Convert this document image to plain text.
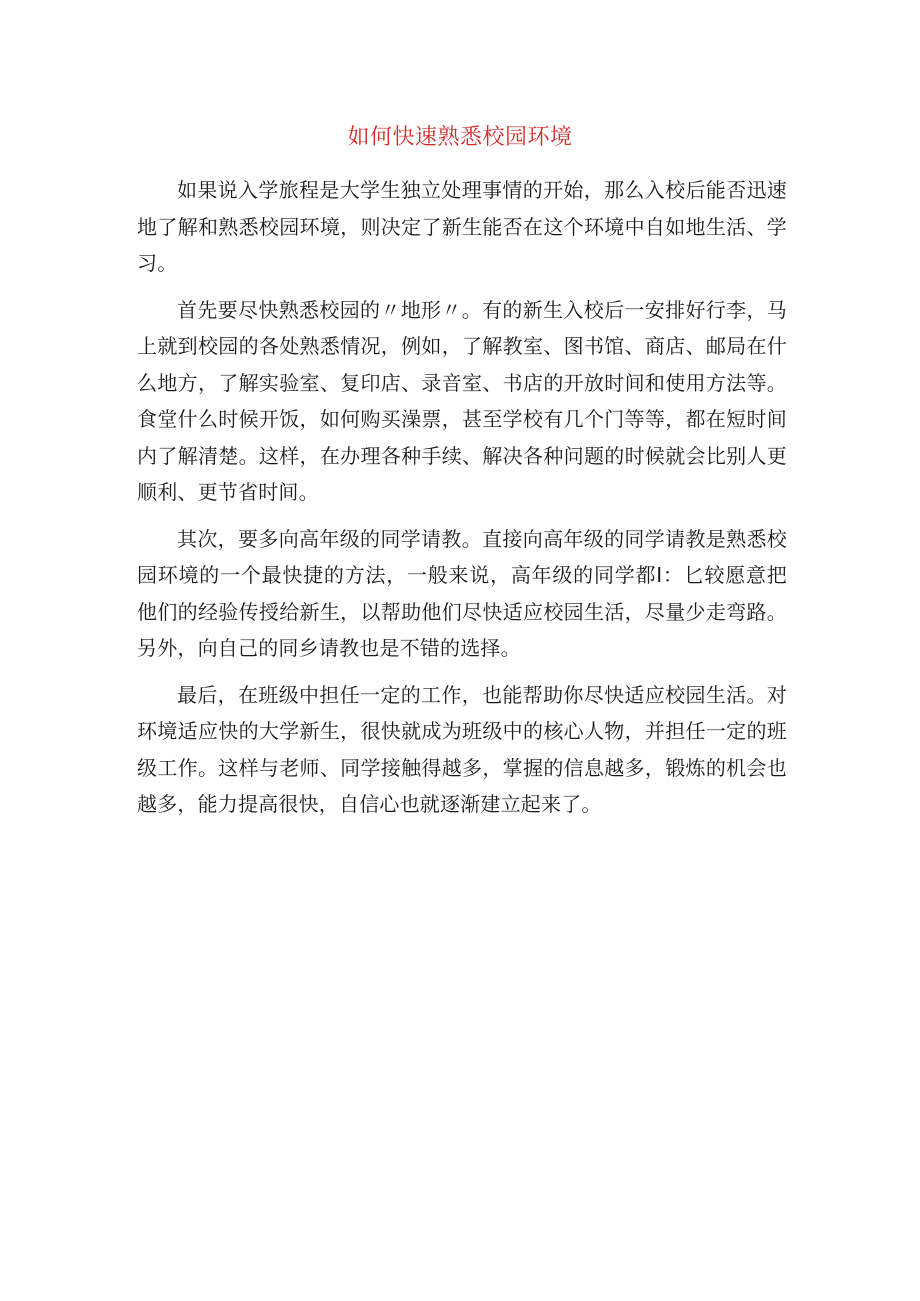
如何快速熟悉校园环境

如果说入学旅程是大学生独立处理事情的开始，那么入校后能否迅速地了解和熟悉校园环境，则决定了新生能否在这个环境中自如地生活、学习。

首先要尽快熟悉校园的〃地形〃。有的新生入校后一安排好行李，马上就到校园的各处熟悉情况，例如，了解教室、图书馆、商店、邮局在什么地方，了解实验室、复印店、录音室、书店的开放时间和使用方法等。食堂什么时候开饭，如何购买澡票，甚至学校有几个门等等，都在短时间内了解清楚。这样，在办理各种手续、解决各种问题的时候就会比别人更顺利、更节省时间。

其次，要多向高年级的同学请教。直接向高年级的同学请教是熟悉校园环境的一个最快捷的方法，一般来说，高年级的同学都I：匕较愿意把他们的经验传授给新生，以帮助他们尽快适应校园生活，尽量少走弯路。另外，向自己的同乡请教也是不错的选择。

最后，在班级中担任一定的工作，也能帮助你尽快适应校园生活。对环境适应快的大学新生，很快就成为班级中的核心人物，并担任一定的班级工作。这样与老师、同学接触得越多，掌握的信息越多，锻炼的机会也越多，能力提高很快，自信心也就逐渐建立起来了。
